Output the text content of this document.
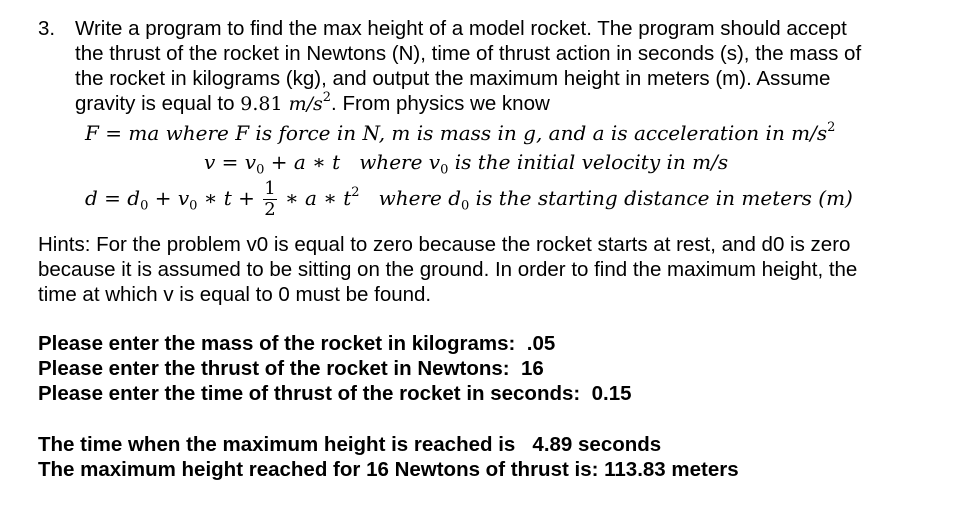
3. Write a program to find the max height of a model rocket. The program should accept
the thrust of the rocket in Newtons (N), time of thrust action in seconds (s), the mass of
the rocket in kilograms (kg), and output the maximum height in meters (m). Assume
gravity is equal to 9.81 $m/s^2$. From physics we know
F = ma where F is force in N, m is mass in g, and a is acceleration in $m/s^2$
$v = v_0 + a$ ∗ t where $v_0$ is the initial velocity in m/s
$d = d_0 + v_0$ ∗ $t + \frac{1}{2}$ ∗ a ∗ $t^2$ where $d_0$ is the starting distance in meters (m)
Hints: For the problem v0 is equal to zero because the rocket starts at rest, and d0 is zero
because it is assumed to be sitting on the ground. In order to find the maximum height, the
time at which v is equal to 0 must be found.
Please enter the mass of the rocket in kilograms: .05
Please enter the thrust of the rocket in Newtons: 16
Please enter the time of thrust of the rocket in seconds: 0.15
The time when the maximum height is reached is 4.89 seconds
The maximum height reached for 16 Newtons of thrust is: 113.83 meters
